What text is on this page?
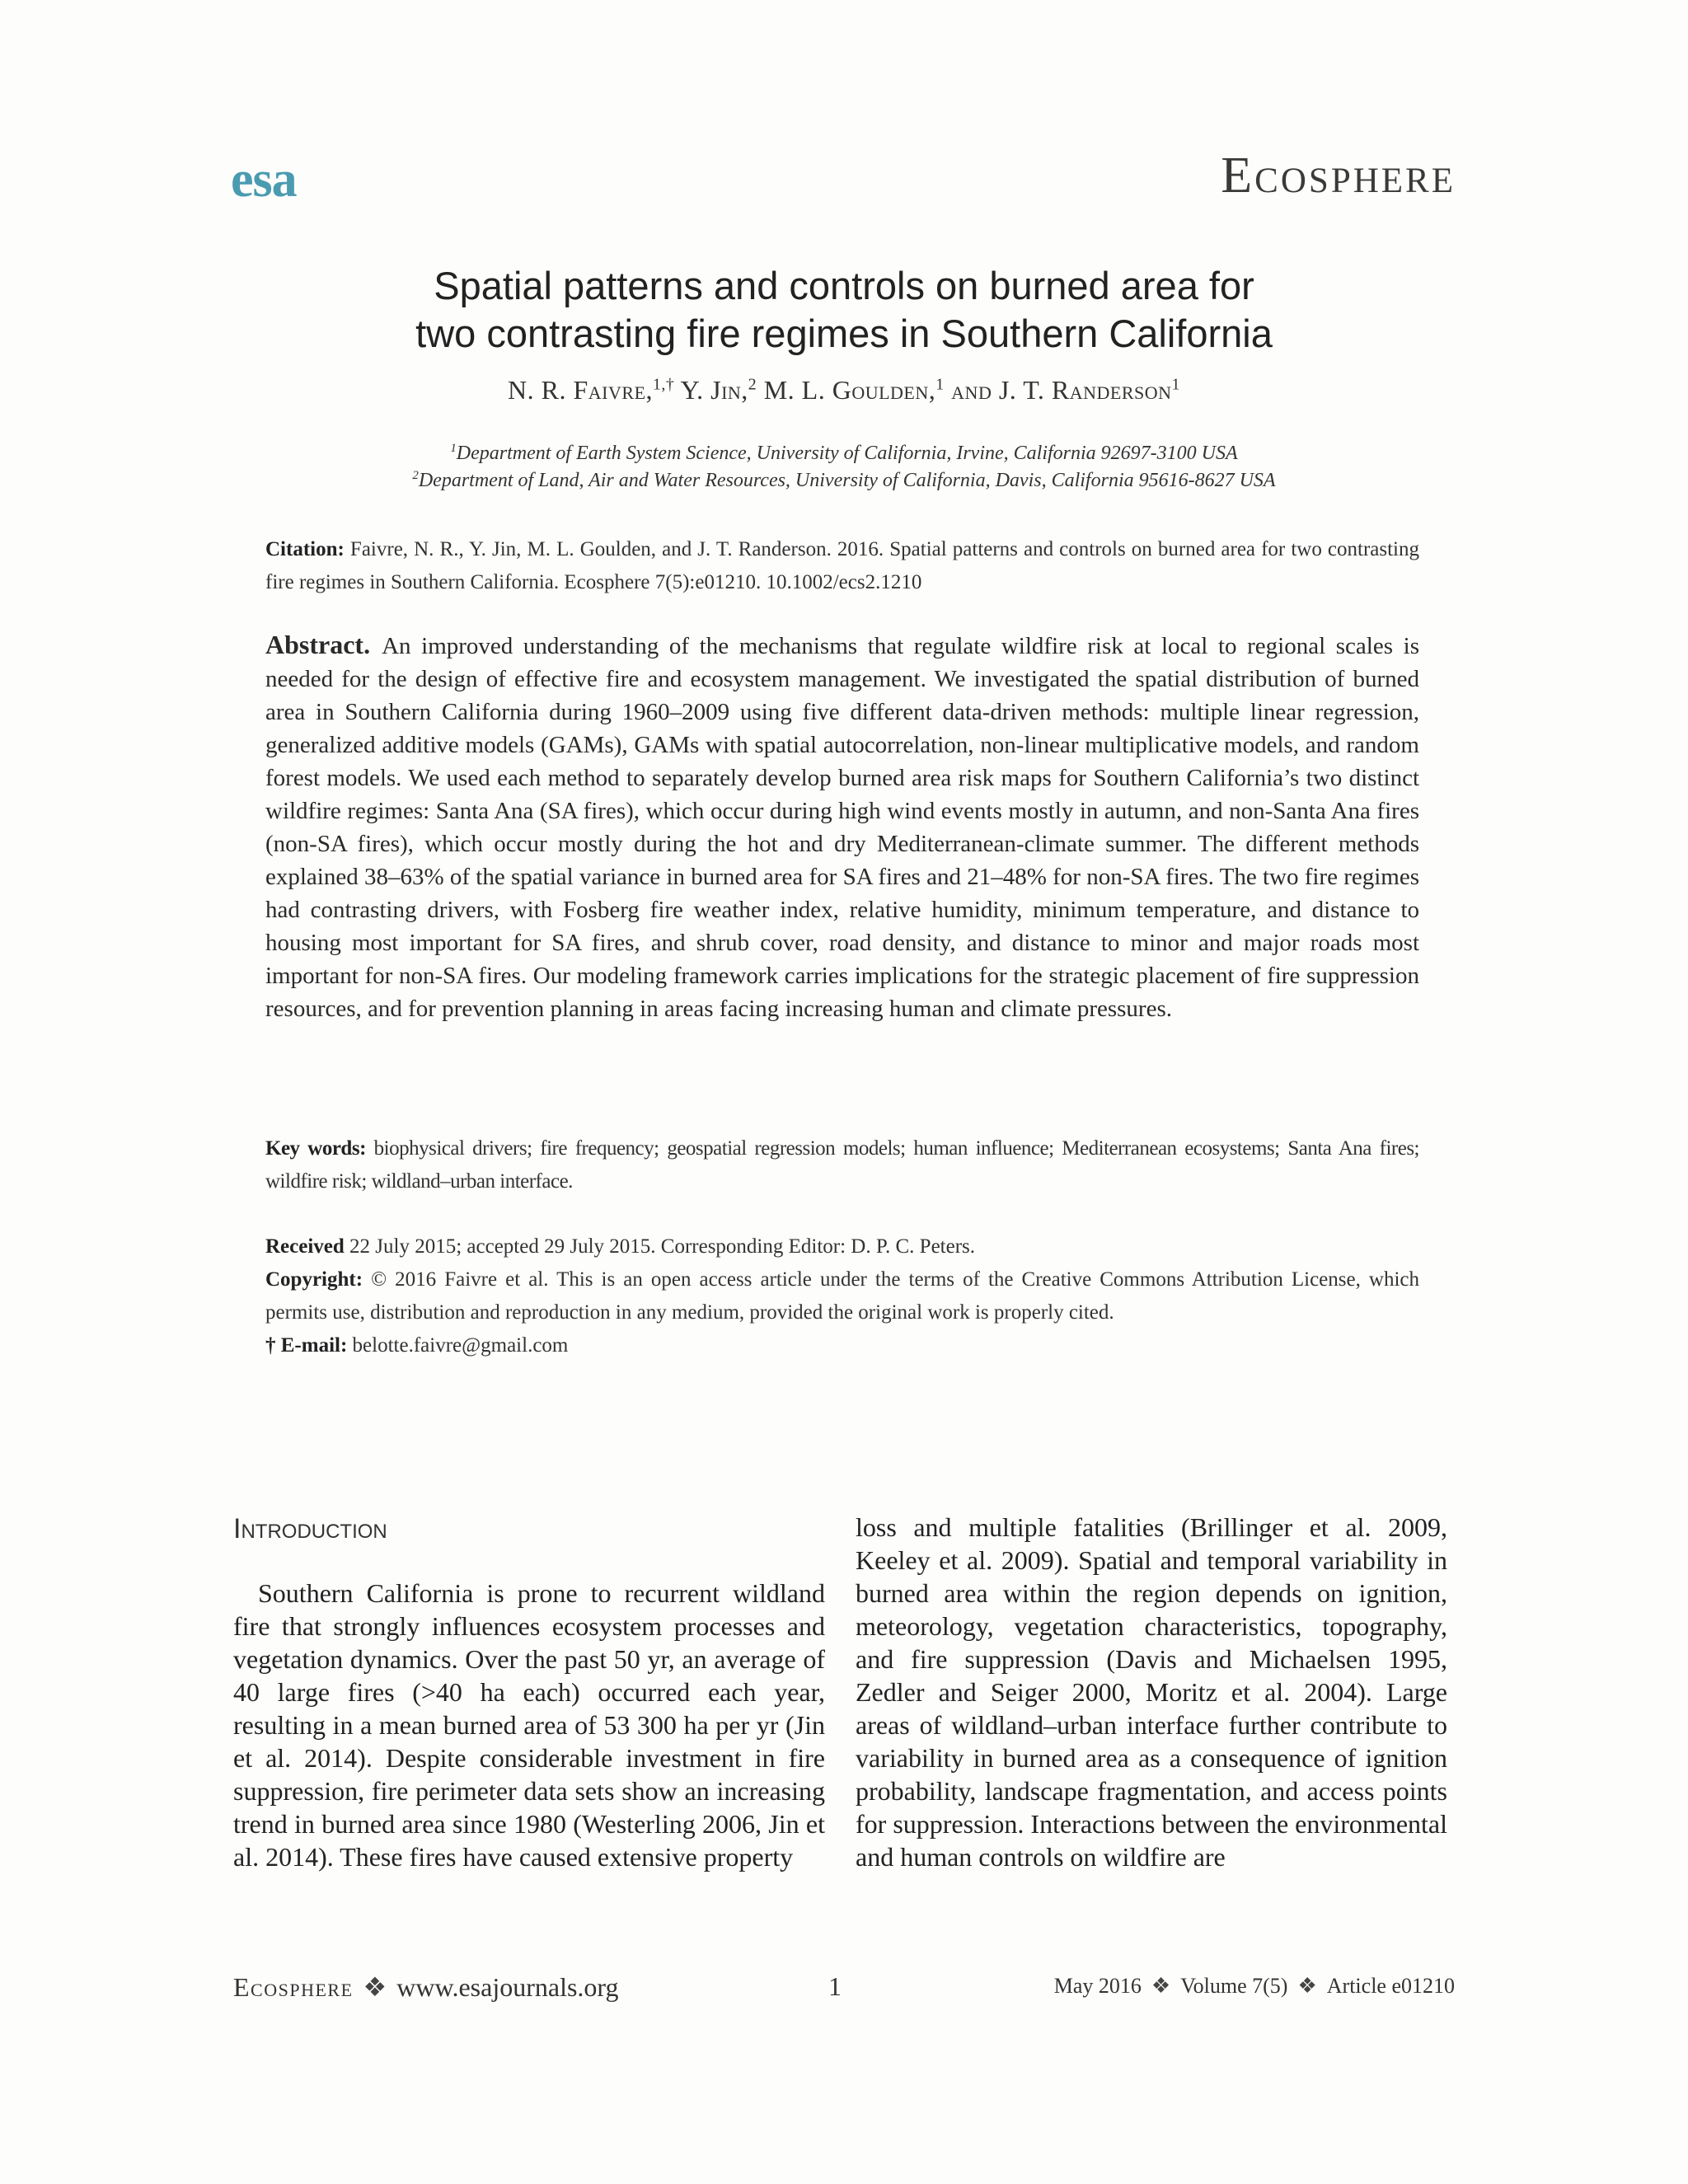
esa	Ecosphere
Spatial patterns and controls on burned area for
two contrasting fire regimes in Southern California
N. R. Faivre,$^{1,\dagger}$ Y. Jin,$^2$ M. L. Goulden,$^1$ and J. T. Randerson$^1$
$^1$Department of Earth System Science, University of California, Irvine, California 92697-3100 USA
$^2$Department of Land, Air and Water Resources, University of California, Davis, California 95616-8627 USA
Citation: Faivre, N. R., Y. Jin, M. L. Goulden, and J. T. Randerson. 2016. Spatial patterns and controls on burned area for two contrasting fire regimes in Southern California. Ecosphere 7(5):e01210. 10.1002/ecs2.1210
Abstract. An improved understanding of the mechanisms that regulate wildfire risk at local to regional scales is needed for the design of effective fire and ecosystem management. We investigated the spatial distribution of burned area in Southern California during 1960–2009 using five different data-driven methods: multiple linear regression, generalized additive models (GAMs), GAMs with spatial autocorrelation, non-linear multiplicative models, and random forest models. We used each method to separately develop burned area risk maps for Southern California’s two distinct wildfire regimes: Santa Ana (SA fires), which occur during high wind events mostly in autumn, and non-Santa Ana fires (non-SA fires), which occur mostly during the hot and dry Mediterranean-climate summer. The different methods explained 38–63% of the spatial variance in burned area for SA fires and 21–48% for non-SA fires. The two fire regimes had contrasting drivers, with Fosberg fire weather index, relative humidity, minimum temperature, and distance to housing most important for SA fires, and shrub cover, road density, and distance to minor and major roads most important for non-SA fires. Our modeling framework carries implications for the strategic placement of fire suppression resources, and for prevention planning in areas facing increasing human and climate pressures.
Key words: biophysical drivers; fire frequency; geospatial regression models; human influence; Mediterranean ecosystems; Santa Ana fires; wildfire risk; wildland–urban interface.
Received 22 July 2015; accepted 29 July 2015. Corresponding Editor: D. P. C. Peters.
Copyright: © 2016 Faivre et al. This is an open access article under the terms of the Creative Commons Attribution License, which permits use, distribution and reproduction in any medium, provided the original work is properly cited.
† E-mail: belotte.faivre@gmail.com
Introduction
Southern California is prone to recurrent wildland fire that strongly influences ecosystem processes and vegetation dynamics. Over the past 50 yr, an average of 40 large fires (>40 ha each) occurred each year, resulting in a mean burned area of 53 300 ha per yr (Jin et al. 2014). Despite considerable investment in fire suppression, fire perimeter data sets show an increasing trend in burned area since 1980 (Westerling 2006, Jin et al. 2014). These fires have caused extensive property
loss and multiple fatalities (Brillinger et al. 2009, Keeley et al. 2009). Spatial and temporal variability in burned area within the region depends on ignition, meteorology, vegetation characteristics, topography, and fire suppression (Davis and Michaelsen 1995, Zedler and Seiger 2000, Moritz et al. 2004). Large areas of wildland–urban interface further contribute to variability in burned area as a consequence of ignition probability, landscape fragmentation, and access points for suppression. Interactions between the environmental and human controls on wildfire are
Ecosphere ❖ www.esajournals.org	1	May 2016 ❖ Volume 7(5) ❖ Article e01210
